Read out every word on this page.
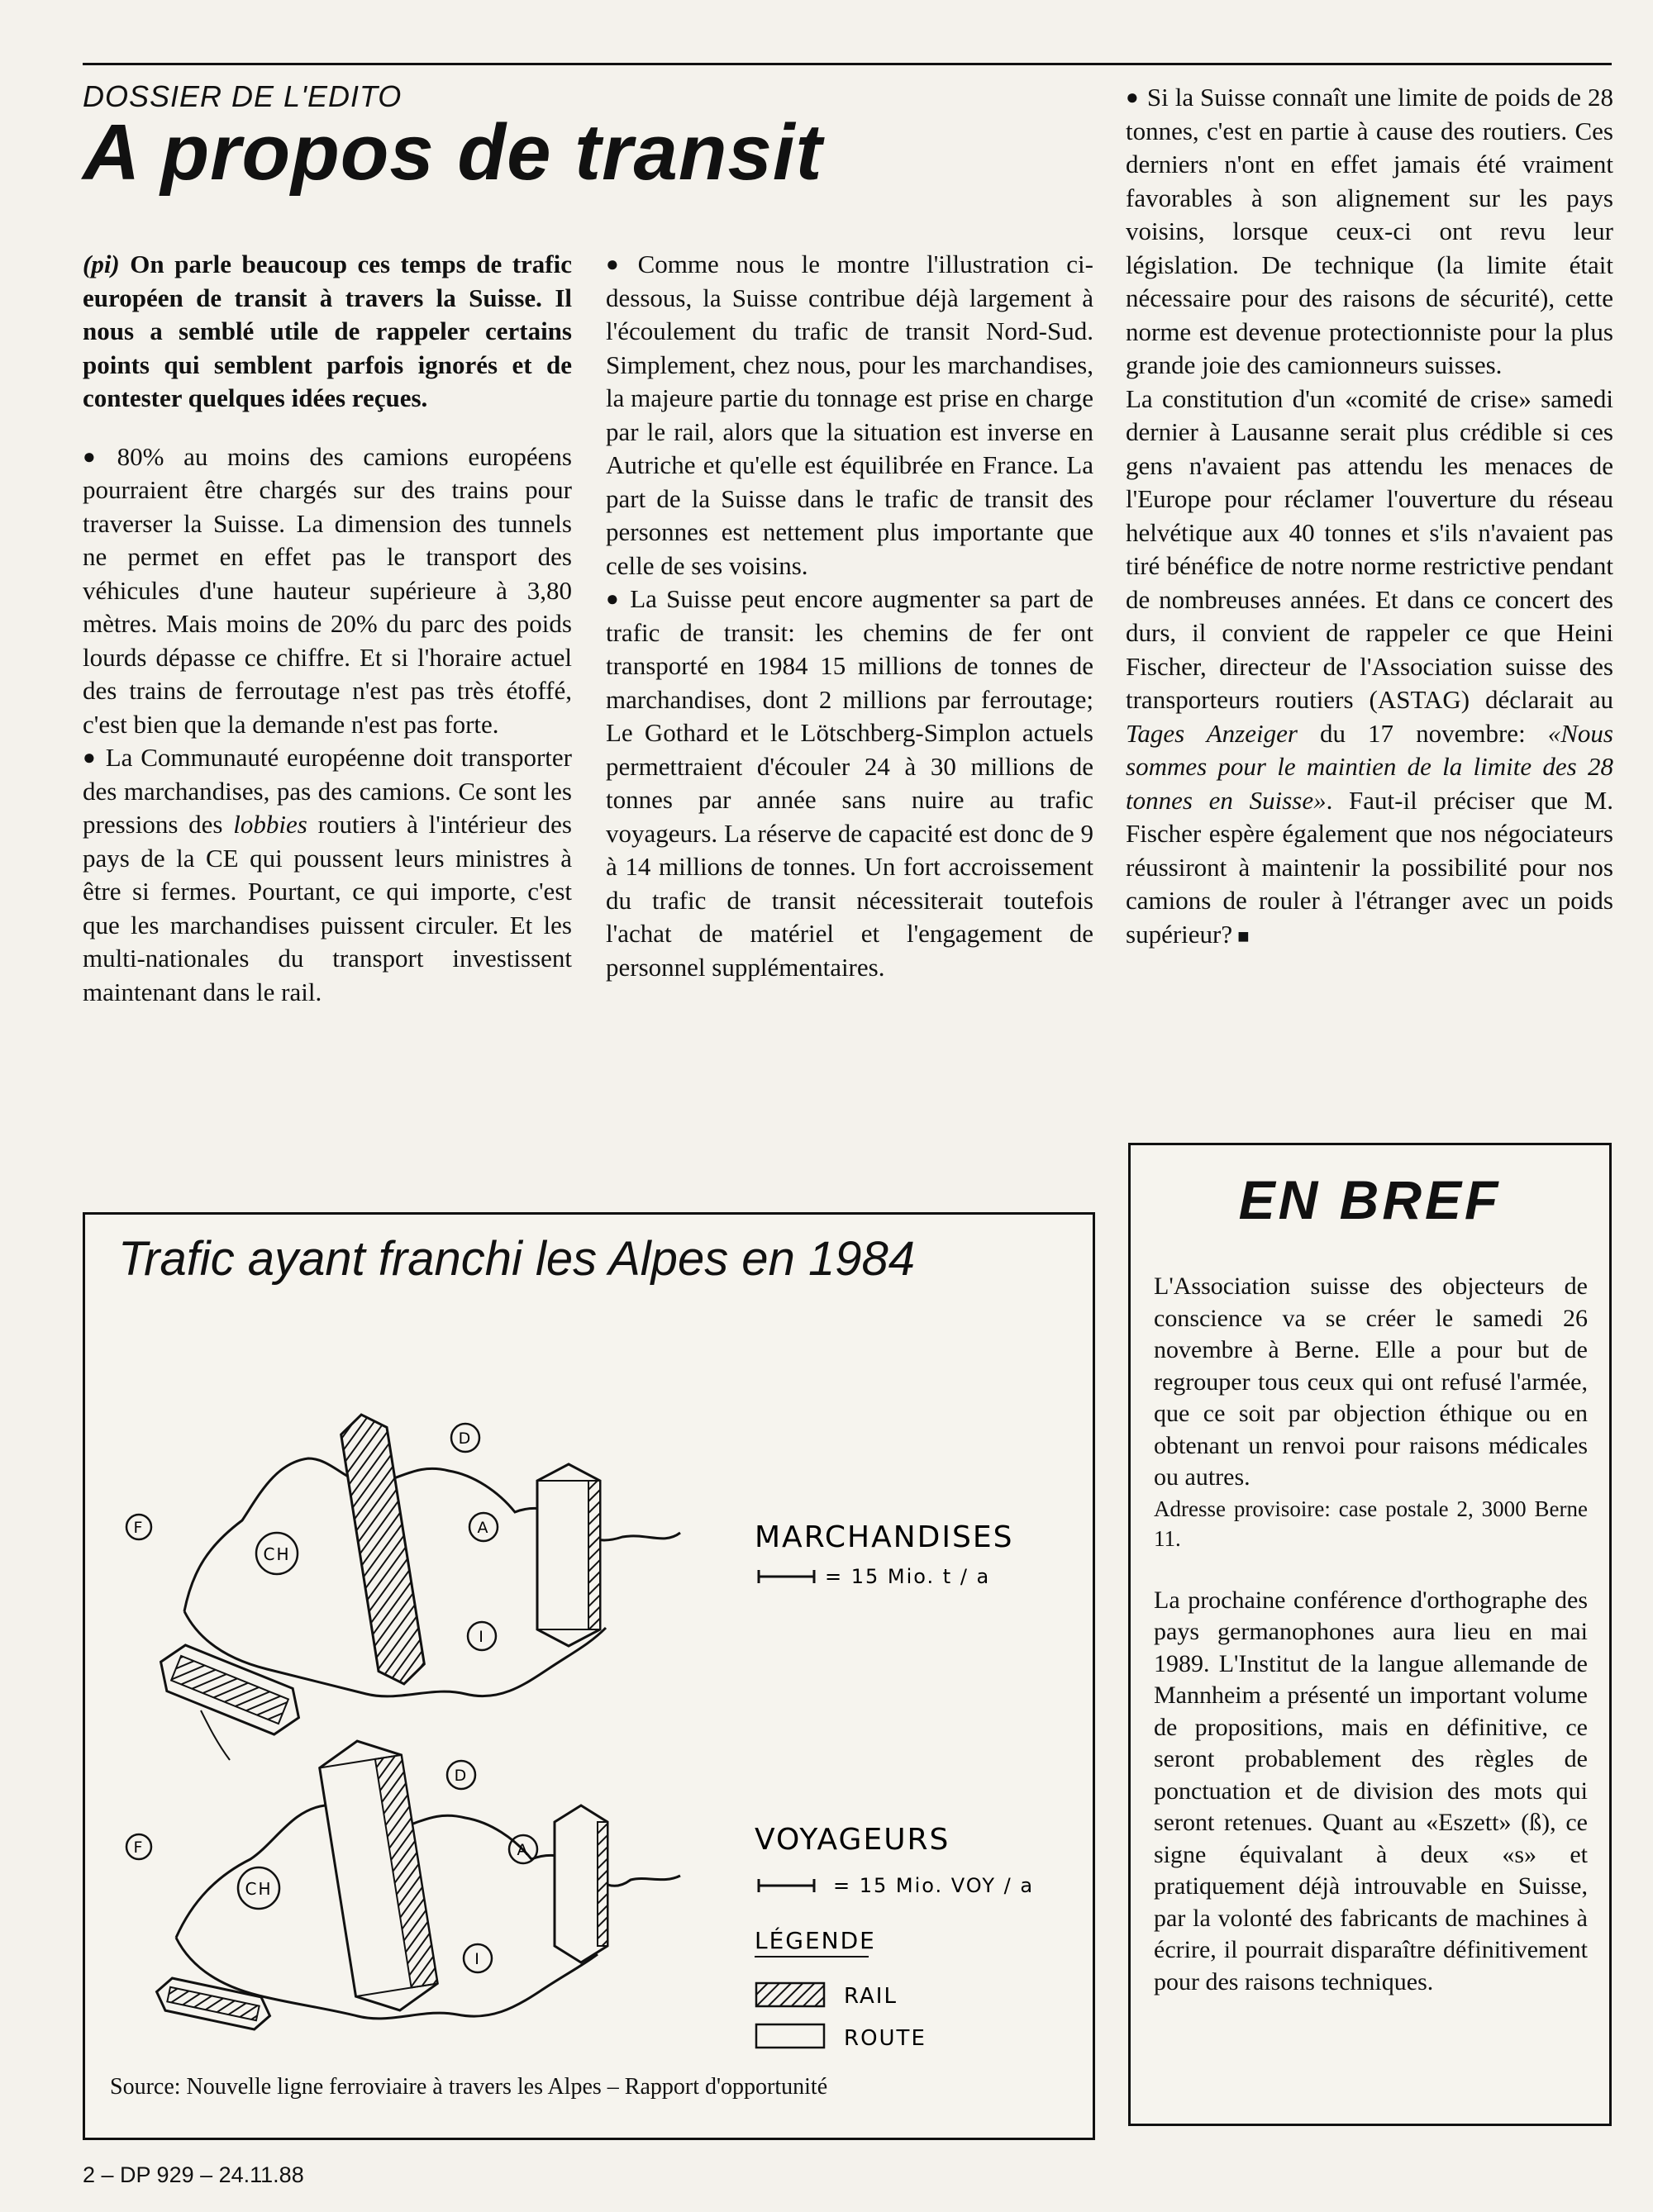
DOSSIER DE L'EDITO
A propos de transit

(pi) On parle beaucoup ces temps de trafic européen de transit à travers la Suisse. Il nous a semblé utile de rappeler certains points qui semblent parfois ignorés et de contester quelques idées reçues.

● 80% au moins des camions européens pourraient être chargés sur des trains pour traverser la Suisse. La dimension des tunnels ne permet en effet pas le transport des véhicules d'une hauteur supérieure à 3,80 mètres. Mais moins de 20% du parc des poids lourds dépasse ce chiffre. Et si l'horaire actuel des trains de ferroutage n'est pas très étoffé, c'est bien que la demande n'est pas forte.

● La Communauté européenne doit transporter des marchandises, pas des camions. Ce sont les pressions des lobbies routiers à l'intérieur des pays de la CE qui poussent leurs ministres à être si fermes. Pourtant, ce qui importe, c'est que les marchandises puissent circuler. Et les multi-nationales du transport investissent maintenant dans le rail.

● Comme nous le montre l'illustration ci-dessous, la Suisse contribue déjà largement à l'écoulement du trafic de transit Nord-Sud. Simplement, chez nous, pour les marchandises, la majeure partie du tonnage est prise en charge par le rail, alors que la situation est inverse en Autriche et qu'elle est équilibrée en France. La part de la Suisse dans le trafic de transit des personnes est nettement plus importante que celle de ses voisins.

● La Suisse peut encore augmenter sa part de trafic de transit: les chemins de fer ont transporté en 1984 15 millions de tonnes de marchandises, dont 2 millions par ferroutage; Le Gothard et le Lötschberg-Simplon actuels permettraient d'écouler 24 à 30 millions de tonnes par année sans nuire au trafic voyageurs. La réserve de capacité est donc de 9 à 14 millions de tonnes. Un fort accroissement du trafic de transit nécessiterait toutefois l'achat de matériel et l'engagement de personnel supplémentaires.

● Si la Suisse connaît une limite de poids de 28 tonnes, c'est en partie à cause des routiers. Ces derniers n'ont en effet jamais été vraiment favorables à son alignement sur les pays voisins, lorsque ceux-ci ont revu leur législation. De technique (la limite était nécessaire pour des raisons de sécurité), cette norme est devenue protectionniste pour la plus grande joie des camionneurs suisses.

La constitution d'un «comité de crise» samedi dernier à Lausanne serait plus crédible si ces gens n'avaient pas attendu les menaces de l'Europe pour réclamer l'ouverture du réseau helvétique aux 40 tonnes et s'ils n'avaient pas tiré bénéfice de notre norme restrictive pendant de nombreuses années. Et dans ce concert des durs, il convient de rappeler ce que Heini Fischer, directeur de l'Association suisse des transporteurs routiers (ASTAG) déclarait au Tages Anzeiger du 17 novembre: «Nous sommes pour le maintien de la limite des 28 tonnes en Suisse». Faut-il préciser que M. Fischer espère également que nos négociateurs réussiront à maintenir la possibilité pour nos camions de rouler à l'étranger avec un poids supérieur? ■

Trafic ayant franchi les Alpes en 1984
F
CH
D
A
I
MARCHANDISES
= 15 Mio. t / a
F
CH
D
A
I
VOYAGEURS
= 15 Mio. VOY / a
LÉGENDE
RAIL
ROUTE
Source: Nouvelle ligne ferroviaire à travers les Alpes – Rapport d'opportunité
EN BREF

L'Association suisse des objecteurs de conscience va se créer le samedi 26 novembre à Berne. Elle a pour but de regrouper tous ceux qui ont refusé l'armée, que ce soit par objection éthique ou en obtenant un renvoi pour raisons médicales ou autres.

Adresse provisoire: case postale 2, 3000 Berne 11.

La prochaine conférence d'orthographe des pays germanophones aura lieu en mai 1989. L'Institut de la langue allemande de Mannheim a présenté un important volume de propositions, mais en définitive, ce seront probablement des règles de ponctuation et de division des mots qui seront retenues. Quant au «Eszett» (ß), ce signe équivalant à deux «s» et pratiquement déjà introuvable en Suisse, par la volonté des fabricants de machines à écrire, il pourrait disparaître définitivement pour des raisons techniques.

2 – DP 929 – 24.11.88
